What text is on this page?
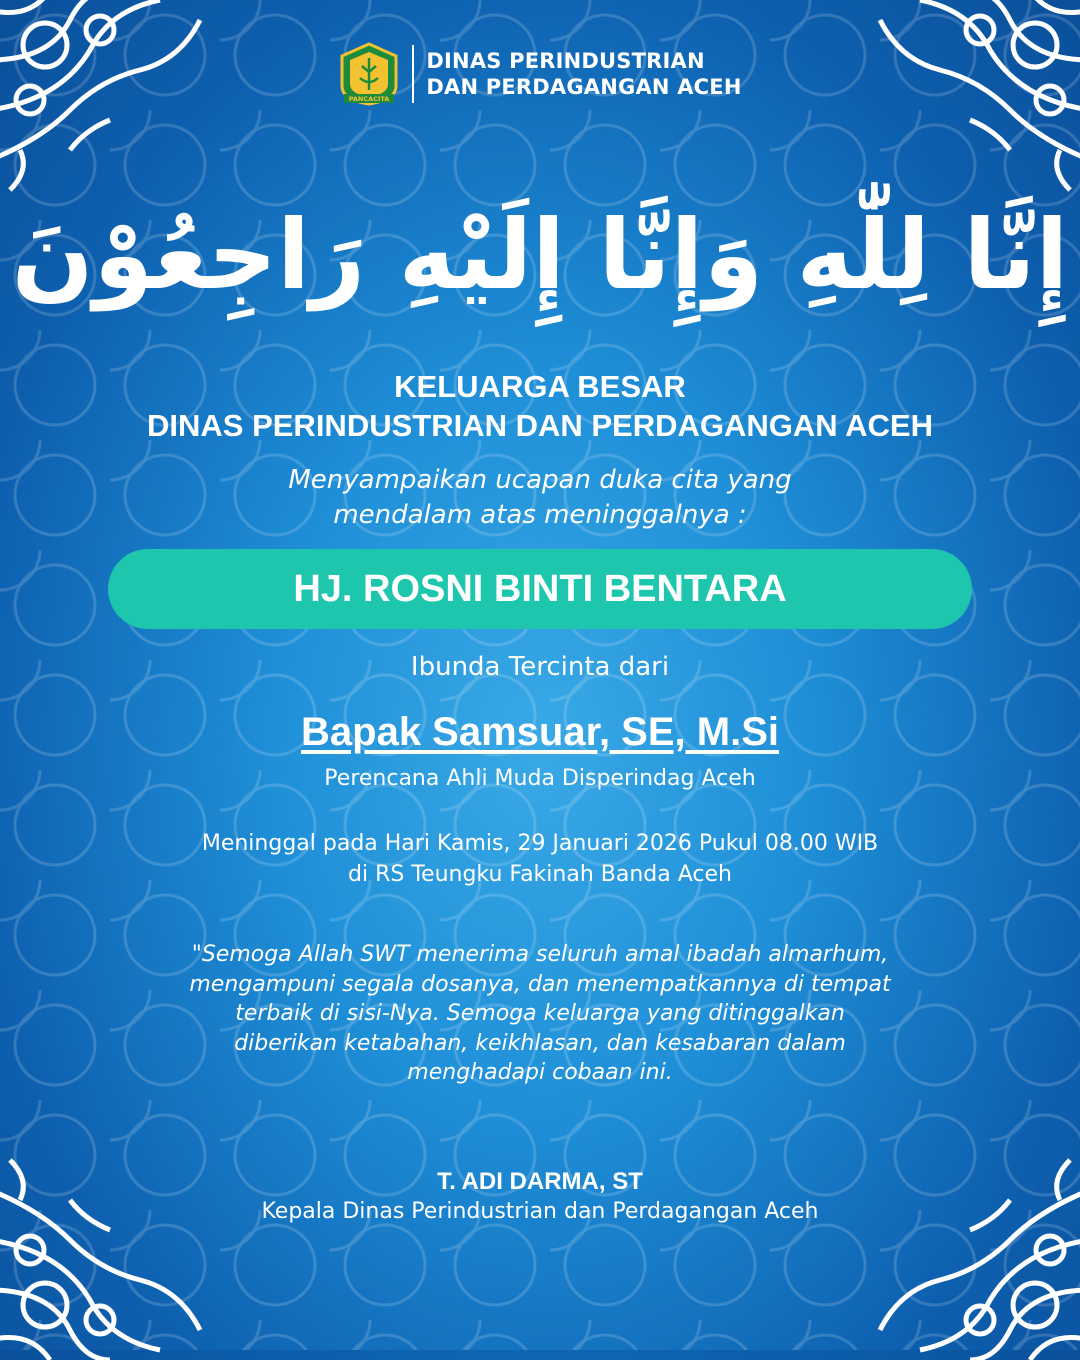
PANCACITA
DINAS PERINDUSTRIAN
DAN PERDAGANGAN ACEH
إِنَّا لِلّٰهِ وَإِنَّا إِلَيْهِ رَاجِعُوْنَ
KELUARGA BESAR
DINAS PERINDUSTRIAN DAN PERDAGANGAN ACEH
Menyampaikan ucapan duka cita yang
mendalam atas meninggalnya :
HJ. ROSNI BINTI BENTARA
Ibunda Tercinta dari
Bapak Samsuar, SE, M.Si
Perencana Ahli Muda Disperindag Aceh
Meninggal pada Hari Kamis, 29 Januari 2026 Pukul 08.00 WIB
di RS Teungku Fakinah Banda Aceh
"Semoga Allah SWT menerima seluruh amal ibadah almarhum,
mengampuni segala dosanya, dan menempatkannya di tempat
terbaik di sisi-Nya. Semoga keluarga yang ditinggalkan
diberikan ketabahan, keikhlasan, dan kesabaran dalam
menghadapi cobaan ini.
T. ADI DARMA, ST
Kepala Dinas Perindustrian dan Perdagangan Aceh
